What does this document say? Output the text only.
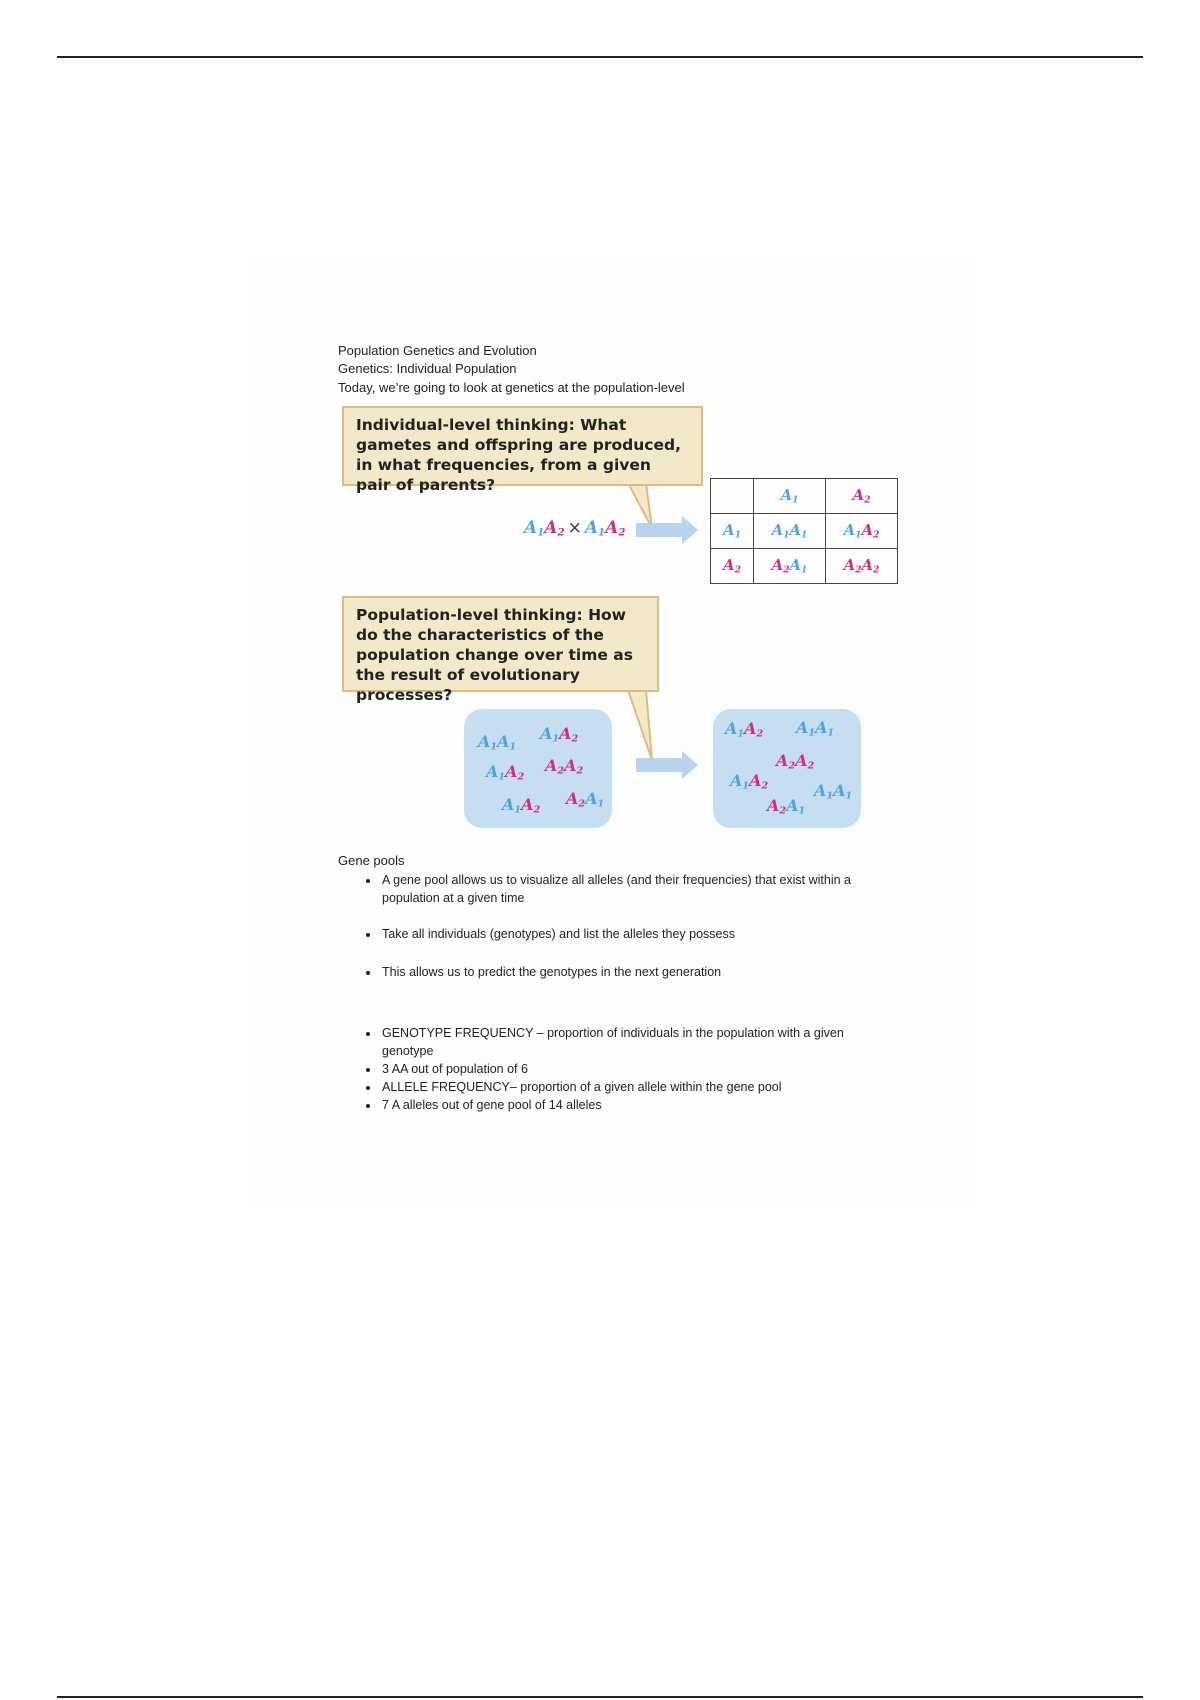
Population Genetics and Evolution
Genetics: Individual Population
Today, we’re going to look at genetics at the population-level
Individual-level thinking: What gametes and offspring are produced, in what frequencies, from a given pair of parents?
$A_1A_2 \times A_1A_2$
	$A_1$	$A_2$
$A_1$	$A_1A_1$	$A_1A_2$
$A_2$	$A_2A_1$	$A_2A_2$
Population-level thinking: How do the characteristics of the population change over time as the result of evolutionary processes?
$A_1A_1$
$A_1A_2$
$A_1A_2$
$A_2A_2$
$A_1A_2$
$A_2A_1$
$A_1A_2$ $A_1A_1$
$A_2A_2$
$A_1A_2$	$A_1A_1$
$A_2A_1$
Gene pools
• A gene pool allows us to visualize all alleles (and their frequencies) that exist within a population at a given time
• Take all individuals (genotypes) and list the alleles they possess
• This allows us to predict the genotypes in the next generation
• GENOTYPE FREQUENCY – proportion of individuals in the population with a given genotype
• 3 AA out of population of 6
• ALLELE FREQUENCY– proportion of a given allele within the gene pool
• 7 A alleles out of gene pool of 14 alleles
